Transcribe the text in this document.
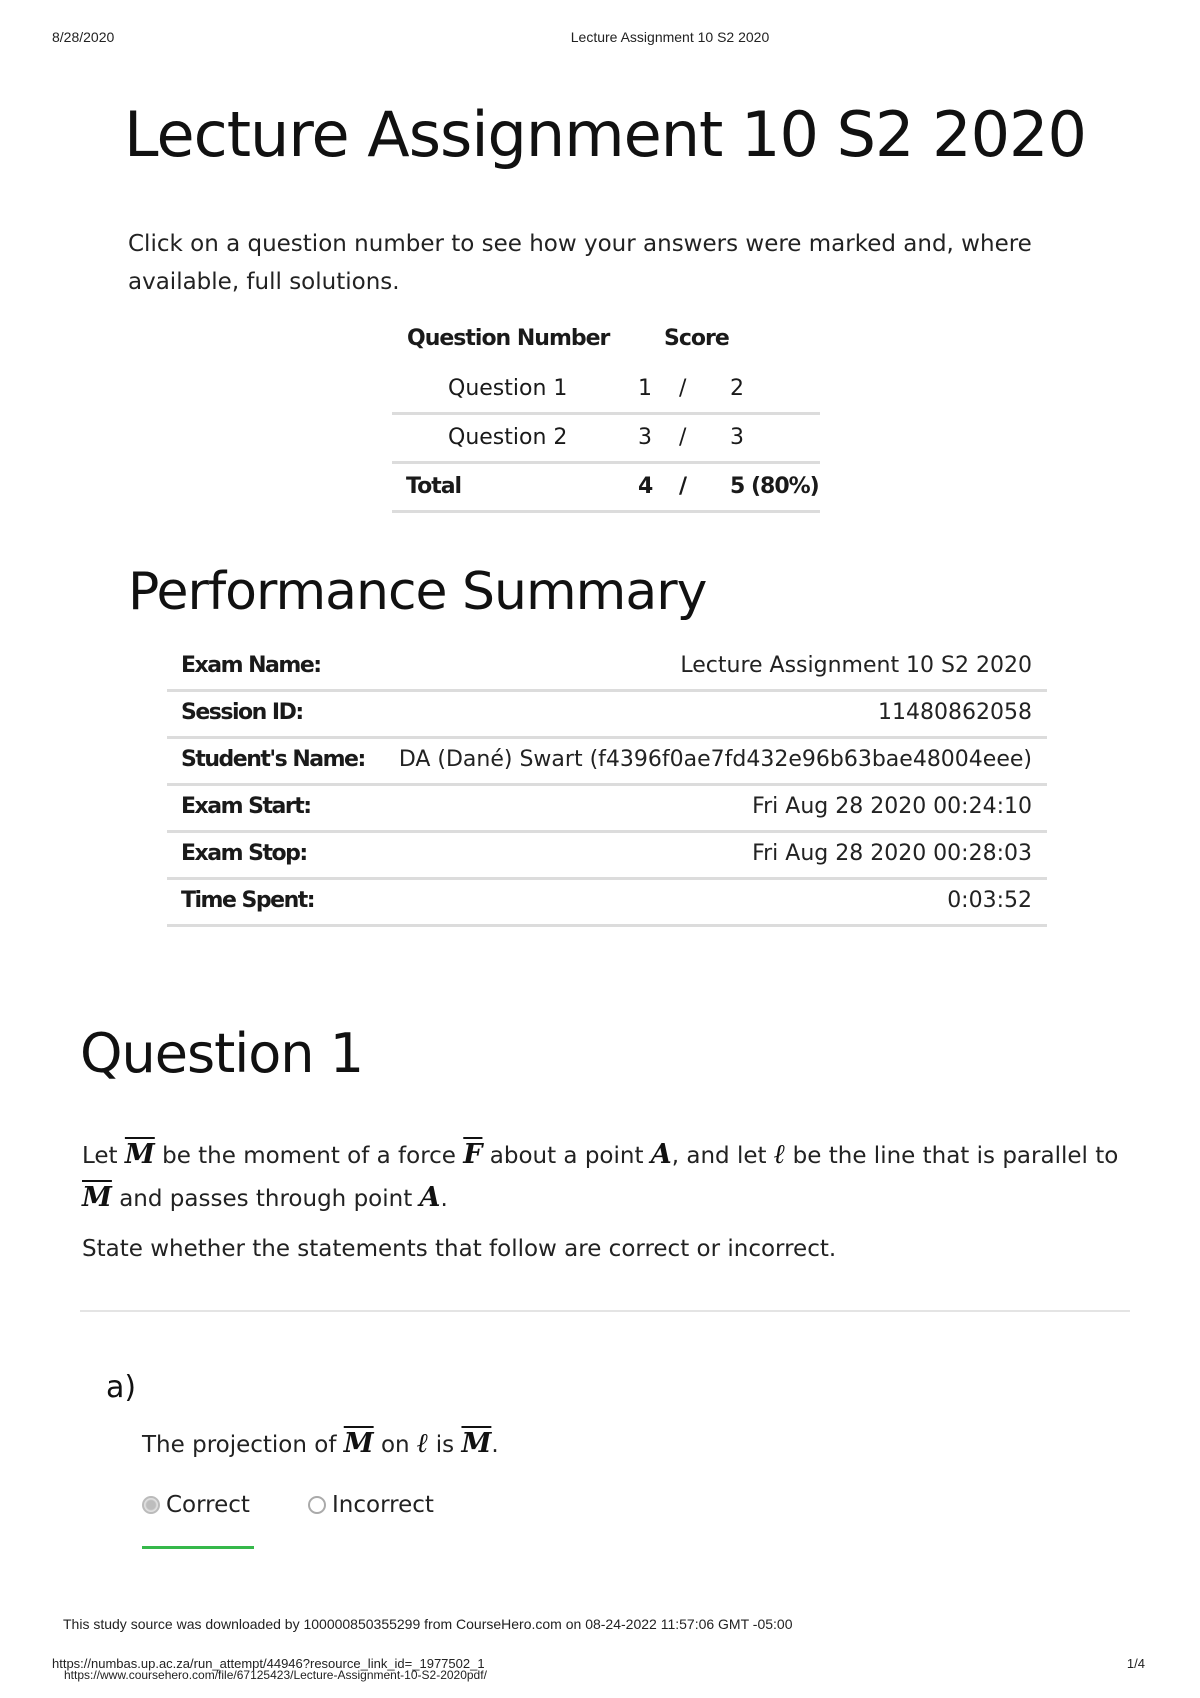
8/28/2020	Lecture Assignment 10 S2 2020
Lecture Assignment 10 S2 2020
Click on a question number to see how your answers were marked and, where available, full solutions.
Question Number Score
Question 1	1 / 2
Question 2	3 / 3
Total	4 / 5 (80%)
Performance Summary
Exam Name:	Lecture Assignment 10 S2 2020
Session ID:	11480862058
Student's Name: DA (Dané) Swart (f4396f0ae7fd432e96b63bae48004eee)
Exam Start:	Fri Aug 28 2020 00:24:10
Exam Stop:	Fri Aug 28 2020 00:28:03
Time Spent:	0:03:52
Question 1
Let $\overline{M}$ be the moment of a force $\overline{F}$ about a point A, and let ℓ be the line that is parallel to
$\overline{M}$ and passes through point A.
State whether the statements that follow are correct or incorrect.
a)
The projection of $\overline{M}$ on ℓ is $\overline{M}$.
Correct	Incorrect
This study source was downloaded by 100000850355299 from CourseHero.com on 08-24-2022 11:57:06 GMT -05:00
https://numbas.up.ac.za/run_attempt/44946?resource_link_id=_1977502_1	1/4
https://www.coursehero.com/file/67125423/Lecture-Assignment-10-S2-2020pdf/
